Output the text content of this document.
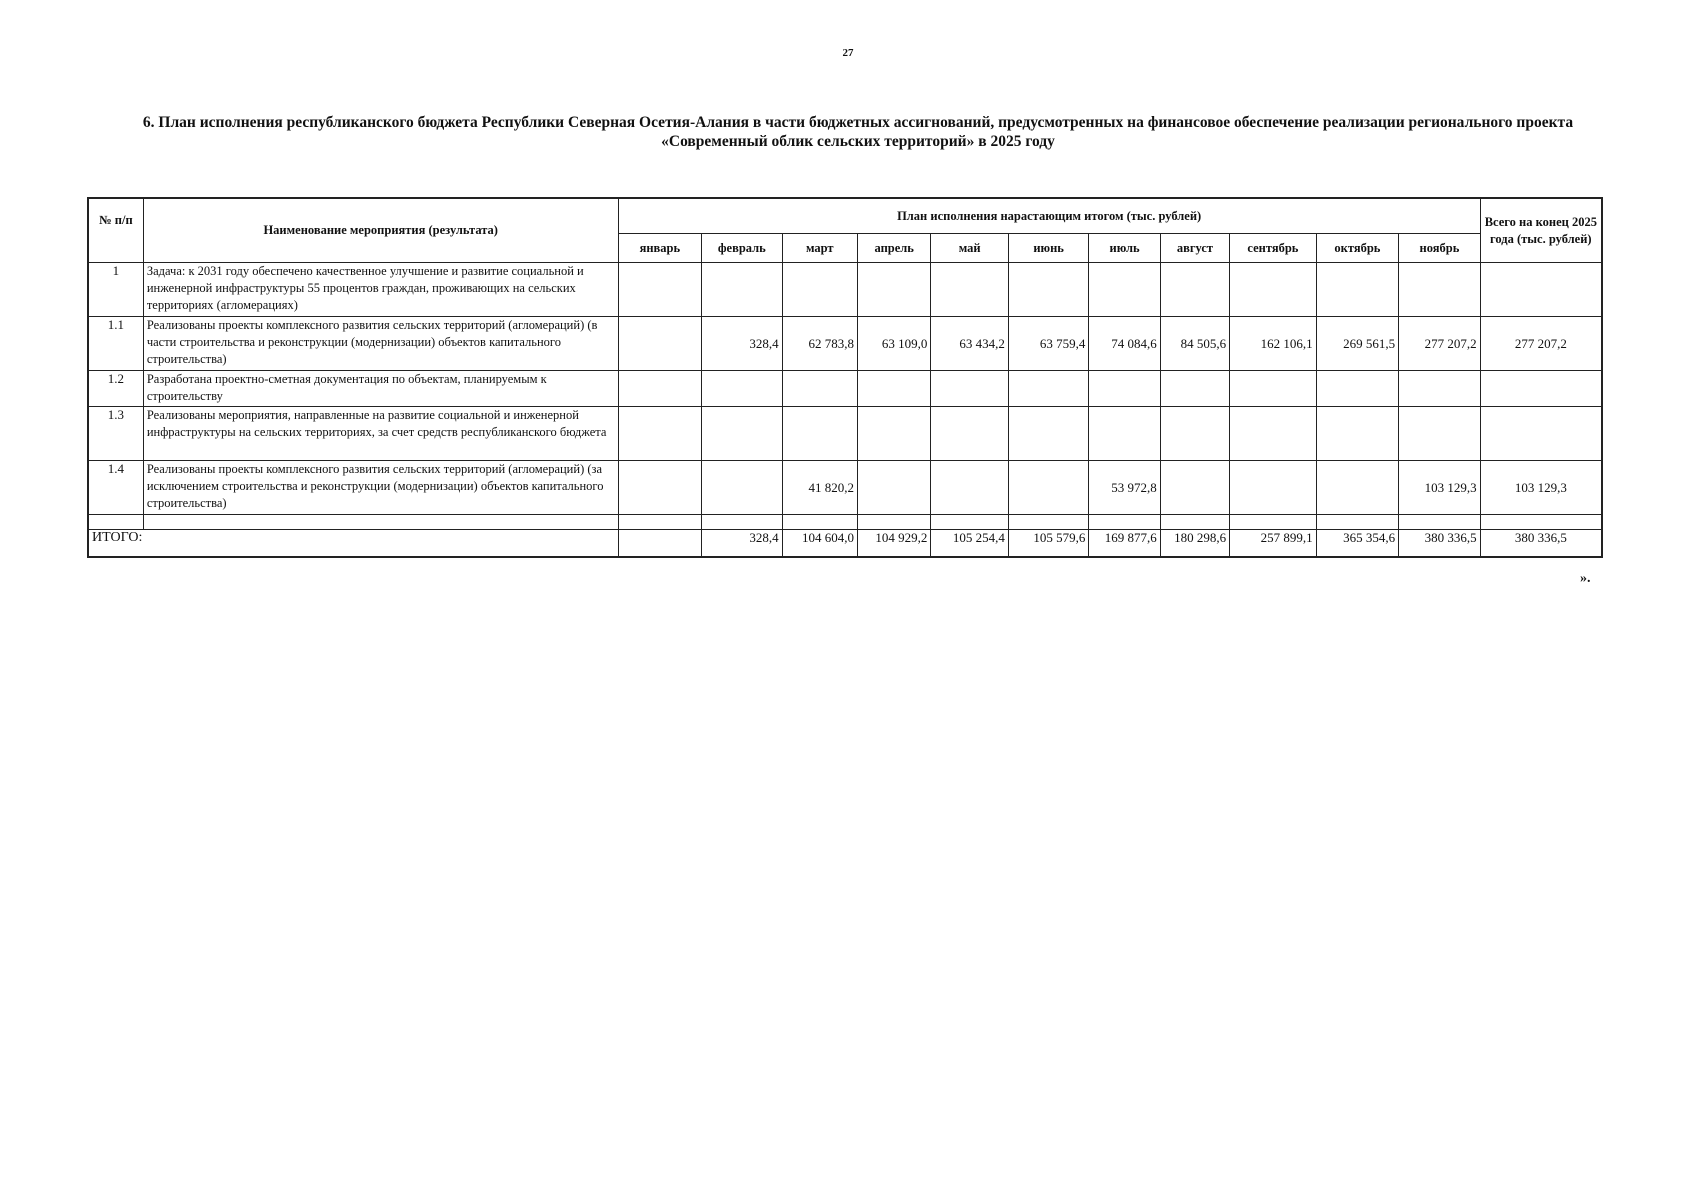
27
6. План исполнения республиканского бюджета Республики Северная Осетия-Алания в части бюджетных ассигнований, предусмотренных на финансовое обеспечение реализации регионального проекта
«Современный облик сельских территорий» в 2025 году
№ п/п	Наименование мероприятия (результата)	План исполнения нарастающим итогом (тыс. рублей)											Всего на конец 2025 года (тыс. рублей)
		январь	февраль	март	апрель	май	июнь	июль	август	сентябрь	октябрь	ноябрь	
1	Задача: к 2031 году обеспечено качественное улучшение и развитие социальной и инженерной инфраструктуры 55 процентов граждан, проживающих на сельских территориях (агломерациях)												
1.1	Реализованы проекты комплексного развития сельских территорий (агломераций) (в части строительства и реконструкции (модернизации) объектов капитального строительства)		328,4	62 783,8	63 109,0	63 434,2	63 759,4	74 084,6	84 505,6	162 106,1	269 561,5	277 207,2	277 207,2
1.2	Разработана проектно-сметная документация по объектам, планируемым к строительству												
1.3	Реализованы мероприятия, направленные на развитие социальной и инженерной инфраструктуры на сельских территориях, за счет средств республиканского бюджета												
1.4	Реализованы проекты комплексного развития сельских территорий (агломераций) (за исключением строительства и реконструкции (модернизации) объектов капитального строительства)			41 820,2				53 972,8				103 129,3	103 129,3

ИТОГО:			328,4	104 604,0	104 929,2	105 254,4	105 579,6	169 877,6	180 298,6	257 899,1	365 354,6	380 336,5	380 336,5
».
